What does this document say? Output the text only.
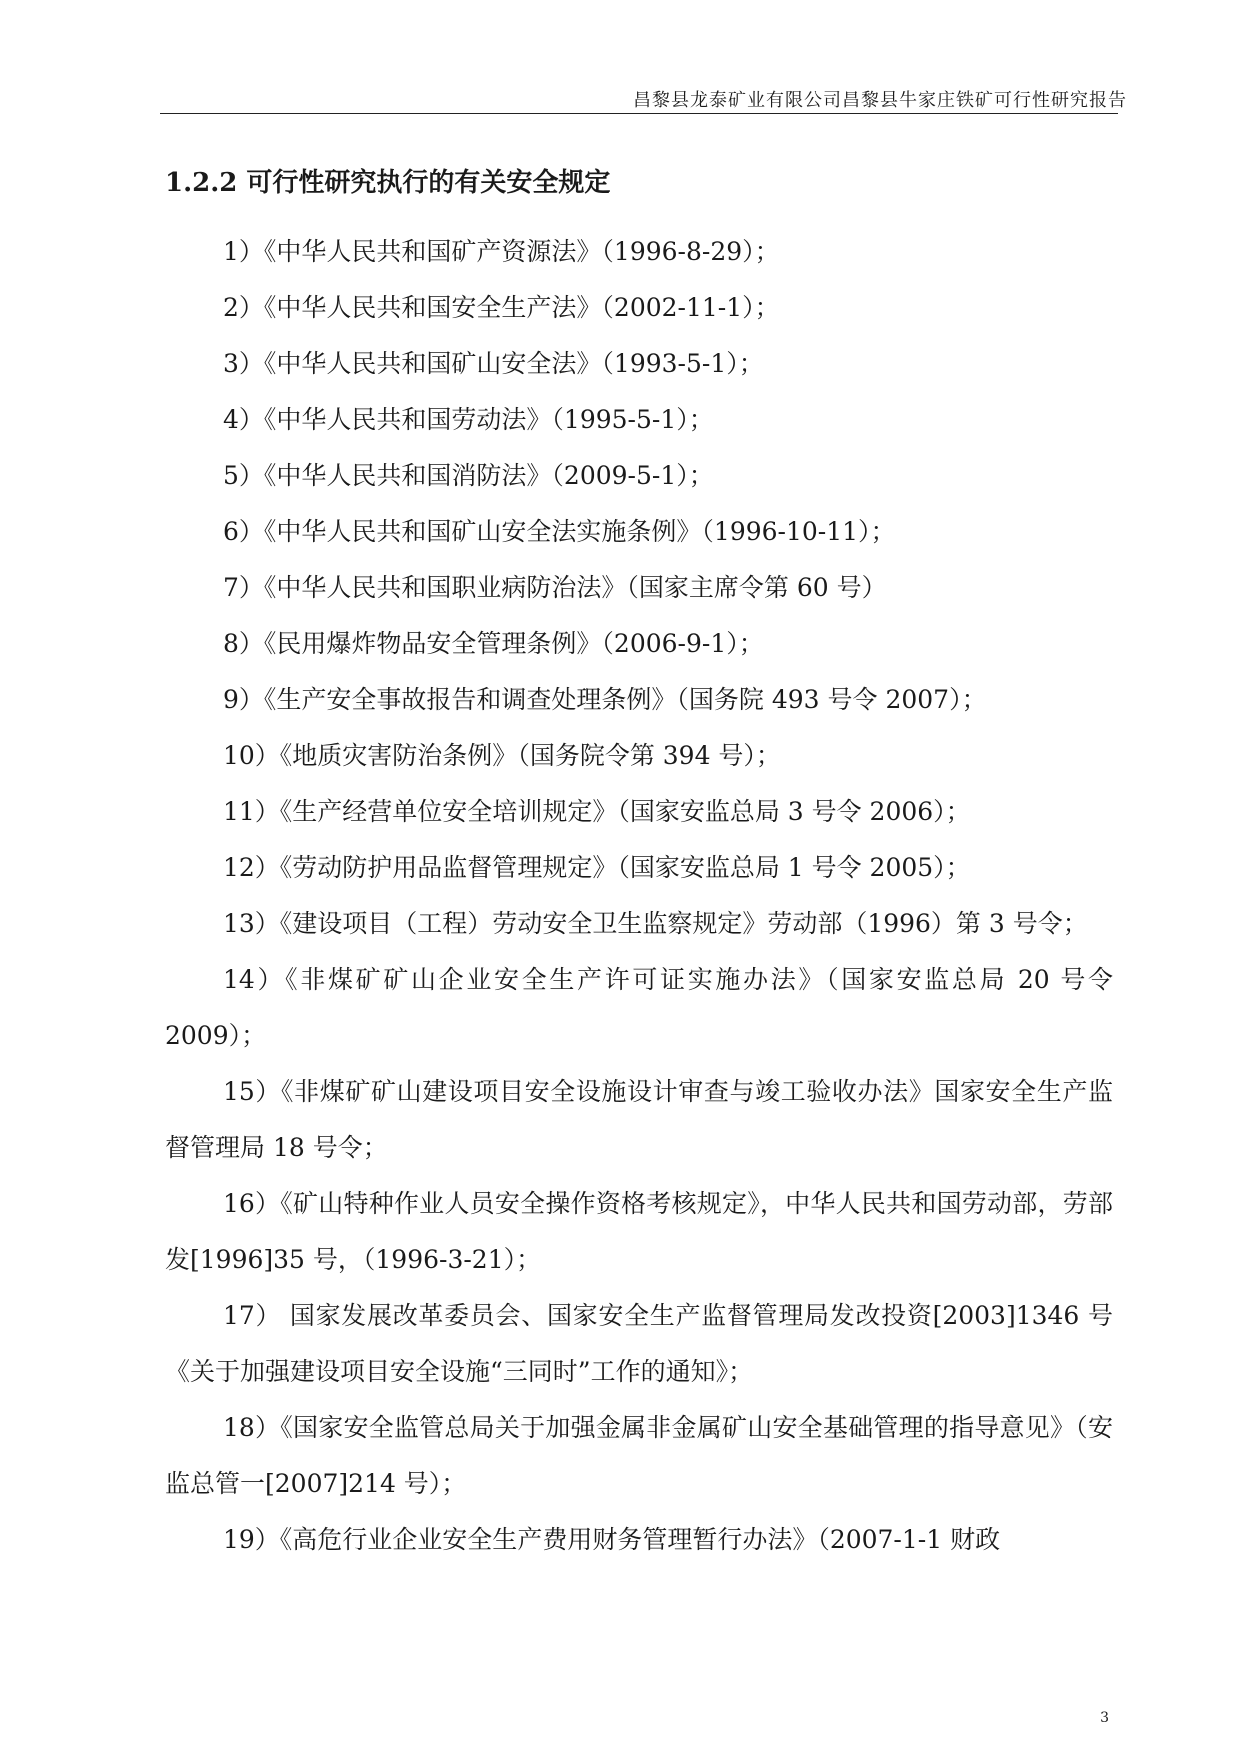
昌黎县龙泰矿业有限公司昌黎县牛家庄铁矿可行性研究报告
1.2.2 可行性研究执行的有关安全规定

1）《中华人民共和国矿产资源法》（1996-8-29）；

2）《中华人民共和国安全生产法》（2002-11-1）；

3）《中华人民共和国矿山安全法》（1993-5-1）；

4）《中华人民共和国劳动法》（1995-5-1）；

5）《中华人民共和国消防法》（2009-5-1）；

6）《中华人民共和国矿山安全法实施条例》（1996-10-11）；

7）《中华人民共和国职业病防治法》（国家主席令第 60 号）

8）《民用爆炸物品安全管理条例》（2006-9-1）；

9）《生产安全事故报告和调查处理条例》（国务院 493 号令 2007）；

10）《地质灾害防治条例》（国务院令第 394 号）；

11）《生产经营单位安全培训规定》（国家安监总局 3 号令 2006）；

12）《劳动防护用品监督管理规定》（国家安监总局 1 号令 2005）；

13）《建设项目（工程）劳动安全卫生监察规定》劳动部（1996）第 3 号令；

14）《非煤矿矿山企业安全生产许可证实施办法》（国家安监总局 20 号令 2009）；

15）《非煤矿矿山建设项目安全设施设计审查与竣工验收办法》国家安全生产监督管理局 18 号令；

16）《矿山特种作业人员安全操作资格考核规定》，中华人民共和国劳动部，劳部发[1996]35 号，（1996-3-21）；

17） 国家发展改革委员会、国家安全生产监督管理局发改投资[2003]1346 号《关于加强建设项目安全设施“三同时”工作的通知》；

18）《国家安全监管总局关于加强金属非金属矿山安全基础管理的指导意见》（安监总管一[2007]214 号）；

19）《高危行业企业安全生产费用财务管理暂行办法》（2007-1-1 财政

3
